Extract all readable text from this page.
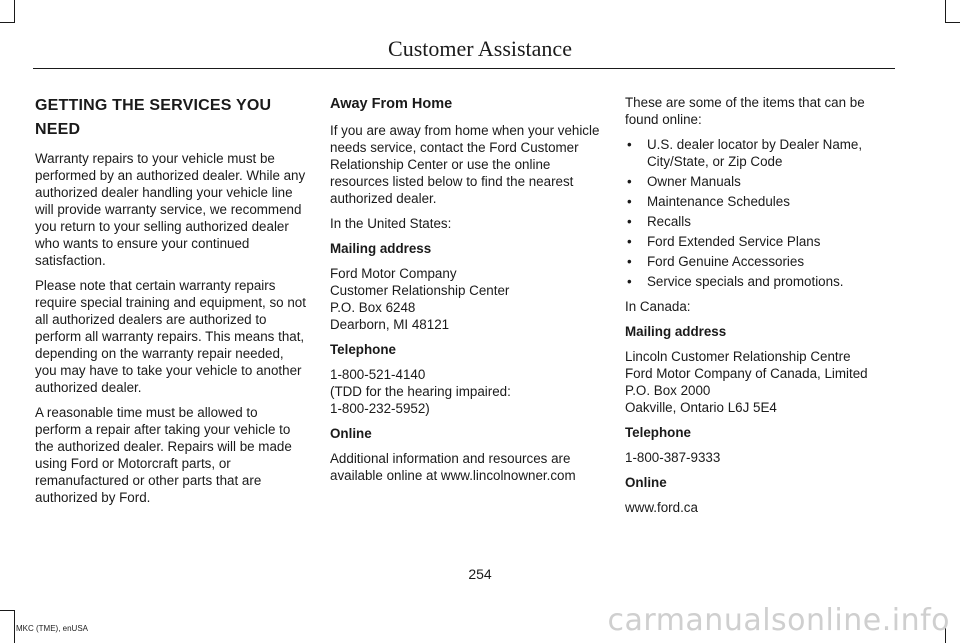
Customer Assistance
GETTING THE SERVICES YOU NEED

Warranty repairs to your vehicle must be performed by an authorized dealer. While any authorized dealer handling your vehicle line will provide warranty service, we recommend you return to your selling authorized dealer who wants to ensure your continued satisfaction.

Please note that certain warranty repairs require special training and equipment, so not all authorized dealers are authorized to perform all warranty repairs. This means that, depending on the warranty repair needed, you may have to take your vehicle to another authorized dealer.

A reasonable time must be allowed to perform a repair after taking your vehicle to the authorized dealer. Repairs will be made using Ford or Motorcraft parts, or remanufactured or other parts that are authorized by Ford.

Away From Home

If you are away from home when your vehicle needs service, contact the Ford Customer Relationship Center or use the online resources listed below to find the nearest authorized dealer.

In the United States:

Mailing address

Ford Motor Company
Customer Relationship Center
P.O. Box 6248
Dearborn, MI 48121

Telephone

1-800-521-4140
(TDD for the hearing impaired:
1-800-232-5952)

Online

Additional information and resources are available online at www.lincolnowner.com

These are some of the items that can be found online:

• U.S. dealer locator by Dealer Name, City/State, or Zip Code
• Owner Manuals
• Maintenance Schedules
• Recalls
• Ford Extended Service Plans
• Ford Genuine Accessories
• Service specials and promotions.

In Canada:

Mailing address

Lincoln Customer Relationship Centre
Ford Motor Company of Canada, Limited
P.O. Box 2000
Oakville, Ontario L6J 5E4

Telephone

1-800-387-9333

Online

www.ford.ca

254
MKC (TME), enUSA	carmanualsonline.info
